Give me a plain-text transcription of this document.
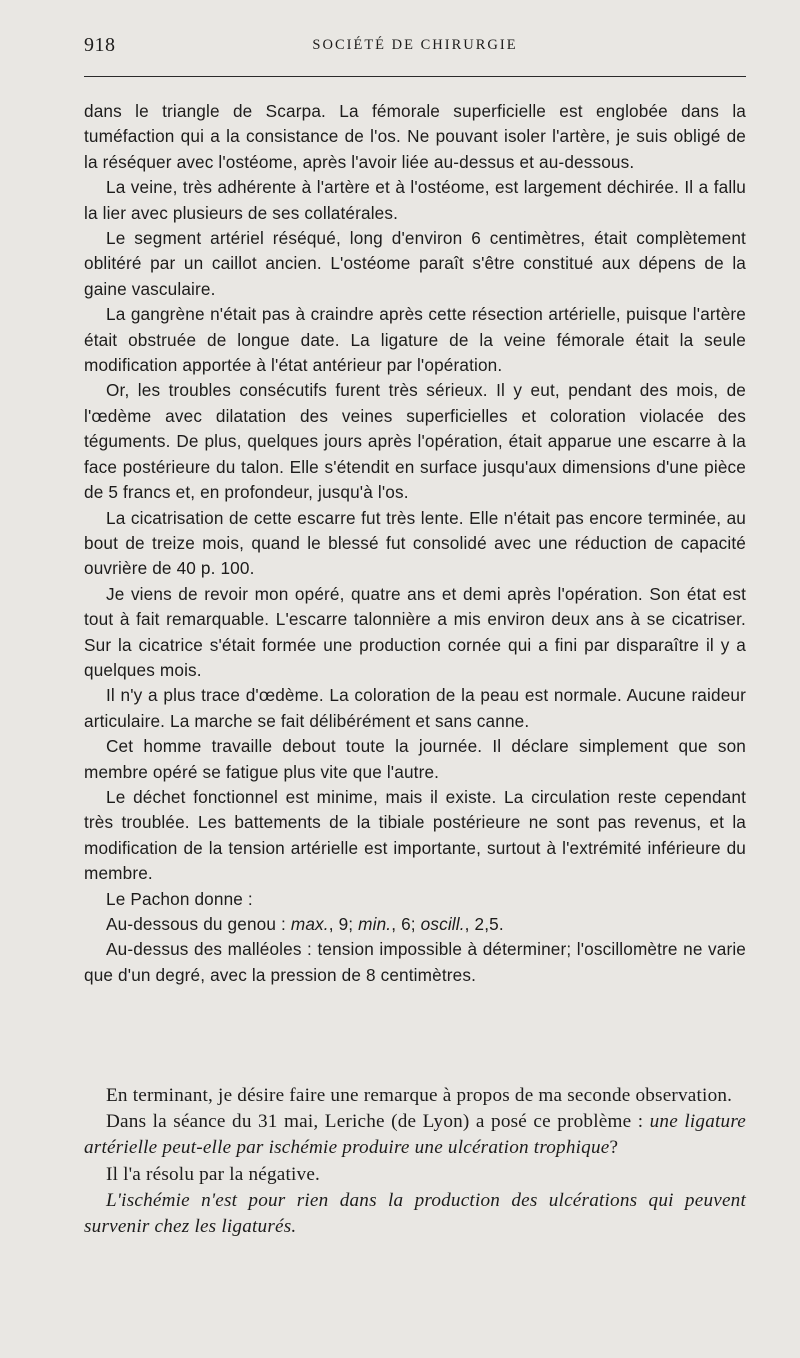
918	SOCIÉTÉ DE CHIRURGIE

dans le triangle de Scarpa. La fémorale superficielle est englobée dans la tuméfaction qui a la consistance de l'os. Ne pouvant isoler l'artère, je suis obligé de la réséquer avec l'ostéome, après l'avoir liée au-dessus et au-dessous.

La veine, très adhérente à l'artère et à l'ostéome, est largement déchirée. Il a fallu la lier avec plusieurs de ses collatérales.

Le segment artériel réséqué, long d'environ 6 centimètres, était complètement oblitéré par un caillot ancien. L'ostéome paraît s'être constitué aux dépens de la gaine vasculaire.

La gangrène n'était pas à craindre après cette résection artérielle, puisque l'artère était obstruée de longue date. La ligature de la veine fémorale était la seule modification apportée à l'état antérieur par l'opération.

Or, les troubles consécutifs furent très sérieux. Il y eut, pendant des mois, de l'œdème avec dilatation des veines superficielles et coloration violacée des téguments. De plus, quelques jours après l'opération, était apparue une escarre à la face postérieure du talon. Elle s'étendit en surface jusqu'aux dimensions d'une pièce de 5 francs et, en profondeur, jusqu'à l'os.

La cicatrisation de cette escarre fut très lente. Elle n'était pas encore terminée, au bout de treize mois, quand le blessé fut consolidé avec une réduction de capacité ouvrière de 40 p. 100.

Je viens de revoir mon opéré, quatre ans et demi après l'opération. Son état est tout à fait remarquable. L'escarre talonnière a mis environ deux ans à se cicatriser. Sur la cicatrice s'était formée une production cornée qui a fini par disparaître il y a quelques mois.

Il n'y a plus trace d'œdème. La coloration de la peau est normale. Aucune raideur articulaire. La marche se fait délibérément et sans canne.

Cet homme travaille debout toute la journée. Il déclare simplement que son membre opéré se fatigue plus vite que l'autre.

Le déchet fonctionnel est minime, mais il existe. La circulation reste cependant très troublée. Les battements de la tibiale postérieure ne sont pas revenus, et la modification de la tension artérielle est importante, surtout à l'extrémité inférieure du membre.

Le Pachon donne :

Au-dessous du genou : max., 9; min., 6; oscill., 2,5.

Au-dessus des malléoles : tension impossible à déterminer; l'oscillomètre ne varie que d'un degré, avec la pression de 8 centimètres.

En terminant, je désire faire une remarque à propos de ma seconde observation.

Dans la séance du 31 mai, Leriche (de Lyon) a posé ce problème : une ligature artérielle peut-elle par ischémie produire une ulcération trophique?

Il l'a résolu par la négative.

L'ischémie n'est pour rien dans la production des ulcérations qui peuvent survenir chez les ligaturés.
